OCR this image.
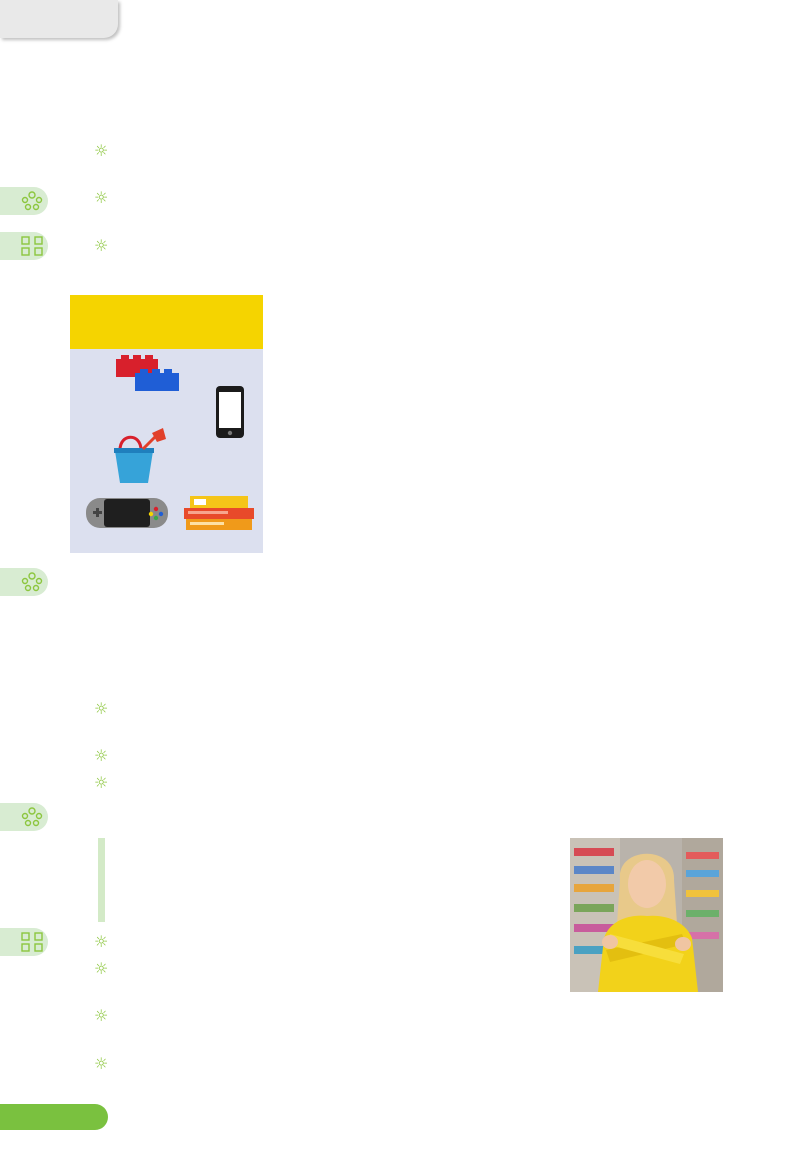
☼
☼
☼
☼
☼
☼
☼
☼
☼
☼
